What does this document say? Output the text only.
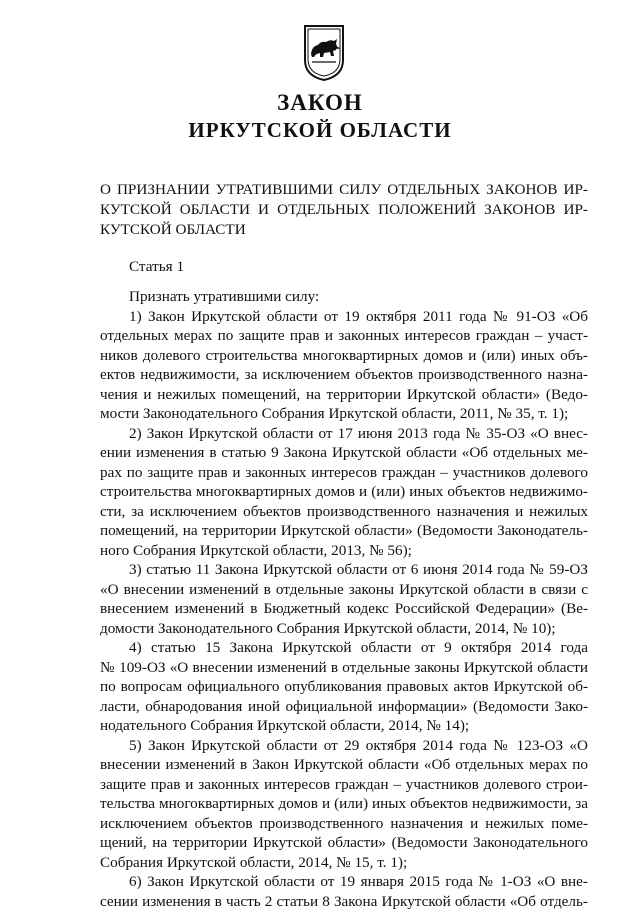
ЗАКОН
ИРКУТСКОЙ ОБЛАСТИ
О ПРИЗНАНИИ УТРАТИВШИМИ СИЛУ ОТДЕЛЬНЫХ ЗАКОНОВ ИР-
КУТСКОЙ ОБЛАСТИ И ОТДЕЛЬНЫХ ПОЛОЖЕНИЙ ЗАКОНОВ ИР-
КУТСКОЙ ОБЛАСТИ
Статья 1
Признать утратившими силу:
1) Закон Иркутской области от 19 октября 2011 года № 91-ОЗ «Об
отдельных мерах по защите прав и законных интересов граждан – участ-
ников долевого строительства многоквартирных домов и (или) иных объ-
ектов недвижимости, за исключением объектов производственного назна-
чения и нежилых помещений, на территории Иркутской области» (Ведо-
мости Законодательного Собрания Иркутской области, 2011, № 35, т. 1);
2) Закон Иркутской области от 17 июня 2013 года № 35-ОЗ «О внес-
ении изменения в статью 9 Закона Иркутской области «Об отдельных ме-
рах по защите прав и законных интересов граждан – участников долевого
строительства многоквартирных домов и (или) иных объектов недвижимо-
сти, за исключением объектов производственного назначения и нежилых
помещений, на территории Иркутской области» (Ведомости Законодатель-
ного Собрания Иркутской области, 2013, № 56);
3) статью 11 Закона Иркутской области от 6 июня 2014 года № 59-ОЗ
«О внесении изменений в отдельные законы Иркутской области в связи с
внесением изменений в Бюджетный кодекс Российской Федерации» (Ве-
домости Законодательного Собрания Иркутской области, 2014, № 10);
4) статью 15 Закона Иркутской области от 9 октября 2014 года
№ 109-ОЗ «О внесении изменений в отдельные законы Иркутской области
по вопросам официального опубликования правовых актов Иркутской об-
ласти, обнародования иной официальной информации» (Ведомости Зако-
нодательного Собрания Иркутской области, 2014, № 14);
5) Закон Иркутской области от 29 октября 2014 года № 123-ОЗ «О
внесении изменений в Закон Иркутской области «Об отдельных мерах по
защите прав и законных интересов граждан – участников долевого строи-
тельства многоквартирных домов и (или) иных объектов недвижимости, за
исключением объектов производственного назначения и нежилых поме-
щений, на территории Иркутской области» (Ведомости Законодательного
Собрания Иркутской области, 2014, № 15, т. 1);
6) Закон Иркутской области от 19 января 2015 года № 1-ОЗ «О вне-
сении изменения в часть 2 статьи 8 Закона Иркутской области «Об отдель-
